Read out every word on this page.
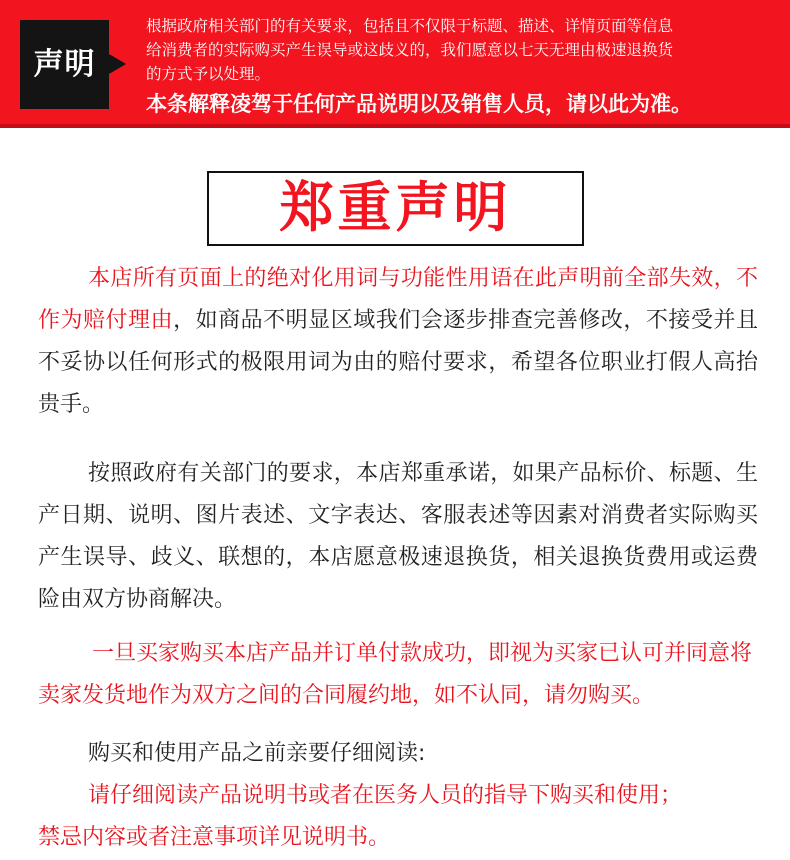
声明
根据政府相关部门的有关要求，包括且不仅限于标题、描述、详情页面等信息
给消费者的实际购买产生误导或这歧义的，我们愿意以七天无理由极速退换货
的方式予以处理。
本条解释凌驾于任何产品说明以及销售人员，请以此为准。
郑重声明

本店所有页面上的绝对化用词与功能性用语在此声明前全部失效，不作为赔付理由，如商品不明显区域我们会逐步排查完善修改，不接受并且不妥协以任何形式的极限用词为由的赔付要求，希望各位职业打假人高抬贵手。

按照政府有关部门的要求，本店郑重承诺，如果产品标价、标题、生产日期、说明、图片表述、文字表达、客服表述等因素对消费者实际购买产生误导、歧义、联想的，本店愿意极速退换货，相关退换货费用或运费险由双方协商解决。

一旦买家购买本店产品并订单付款成功，即视为买家已认可并同意将卖家发货地作为双方之间的合同履约地，如不认同，请勿购买。

购买和使用产品之前亲要仔细阅读:

请仔细阅读产品说明书或者在医务人员的指导下购买和使用；

禁忌内容或者注意事项详见说明书。
